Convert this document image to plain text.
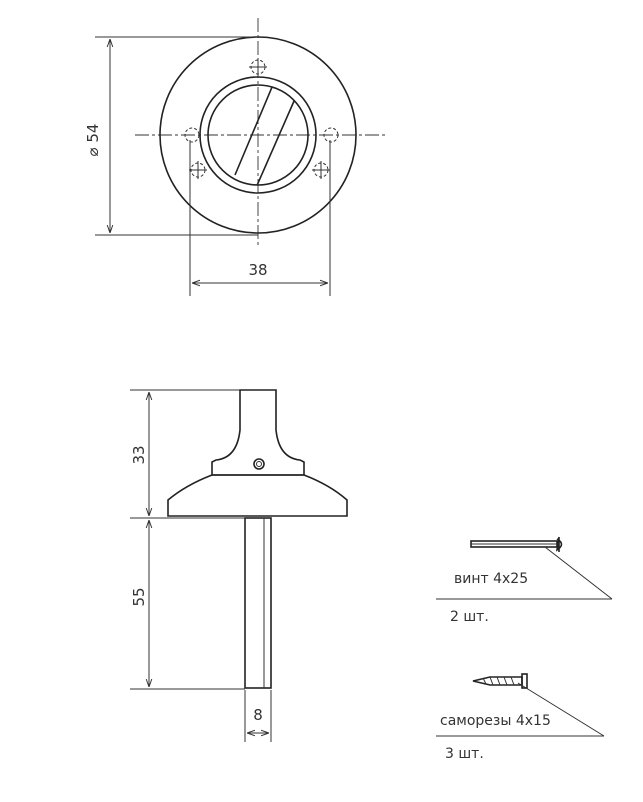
⌀ 54
38
33
55
8
винт 4x25
2 шт.
саморезы 4x15
3 шт.
